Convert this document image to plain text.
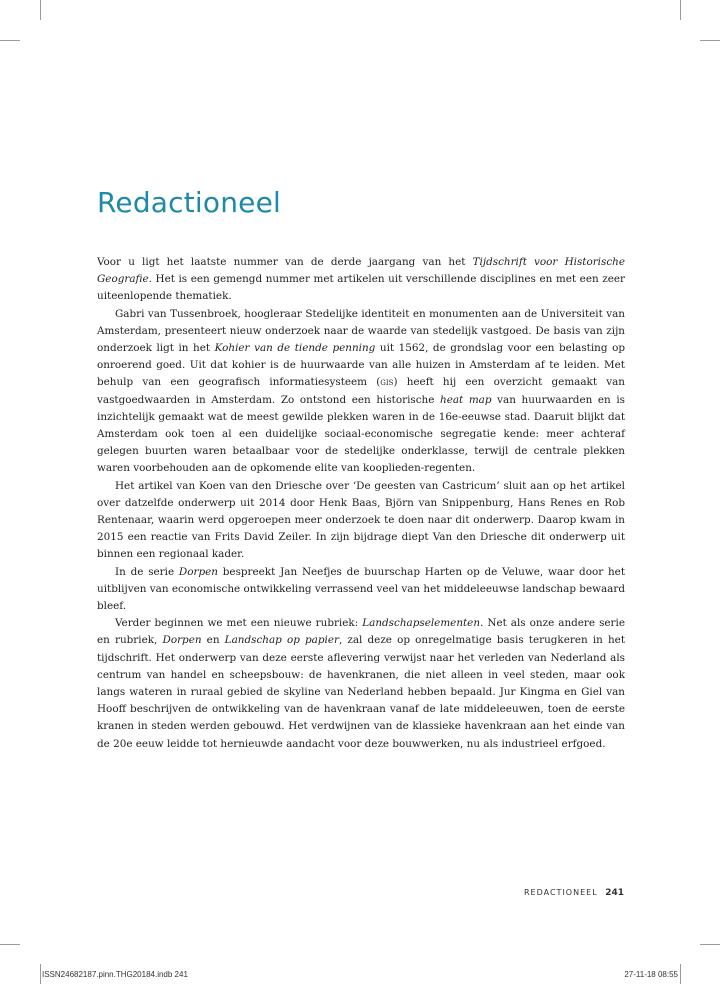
Redactioneel

Voor u ligt het laatste nummer van de derde jaargang van het Tijdschrift voor Historische Geografie. Het is een gemengd nummer met artikelen uit verschillende disciplines en met een zeer uiteenlopende thematiek.

Gabri van Tussenbroek, hoogleraar Stedelijke identiteit en monumenten aan de Universiteit van Amsterdam, presenteert nieuw onderzoek naar de waarde van stedelijk vastgoed. De basis van zijn onderzoek ligt in het Kohier van de tiende penning uit 1562, de grondslag voor een belasting op onroerend goed. Uit dat kohier is de huurwaarde van alle huizen in Amsterdam af te leiden. Met behulp van een geografisch informatiesysteem (gis) heeft hij een overzicht gemaakt van vastgoedwaarden in Amsterdam. Zo ontstond een historische heat map van huurwaarden en is inzichtelijk gemaakt wat de meest gewilde plekken waren in de 16e-eeuwse stad. Daaruit blijkt dat Amsterdam ook toen al een duidelijke sociaal-economische segregatie kende: meer achteraf gelegen buurten waren betaalbaar voor de stedelijke onderklasse, terwijl de centrale plekken waren voorbehouden aan de opkomende elite van kooplieden-regenten.

Het artikel van Koen van den Driesche over ‘De geesten van Castricum’ sluit aan op het artikel over datzelfde onderwerp uit 2014 door Henk Baas, Björn van Snippenburg, Hans Renes en Rob Rentenaar, waarin werd opgeroepen meer onderzoek te doen naar dit onderwerp. Daarop kwam in 2015 een reactie van Frits David Zeiler. In zijn bijdrage diept Van den Driesche dit onderwerp uit binnen een regionaal kader.

In de serie Dorpen bespreekt Jan Neefjes de buurschap Harten op de Veluwe, waar door het uitblijven van economische ontwikkeling verrassend veel van het middeleeuwse landschap bewaard bleef.

Verder beginnen we met een nieuwe rubriek: Landschapselementen. Net als onze andere serie en rubriek, Dorpen en Landschap op papier, zal deze op onregelmatige basis terugkeren in het tijdschrift. Het onderwerp van deze eerste aflevering verwijst naar het verleden van Nederland als centrum van handel en scheepsbouw: de havenkranen, die niet alleen in veel steden, maar ook langs wateren in ruraal gebied de skyline van Nederland hebben bepaald. Jur Kingma en Giel van Hooff beschrijven de ontwikkeling van de havenkraan vanaf de late middeleeuwen, toen de eerste kranen in steden werden gebouwd. Het verdwijnen van de klassieke havenkraan aan het einde van de 20e eeuw leidde tot hernieuwde aandacht voor deze bouwwerken, nu als industrieel erfgoed.

REDACTIONEEL 241
ISSN24682187.pinn.THG20184.indb 241	27-11-18 08:55
